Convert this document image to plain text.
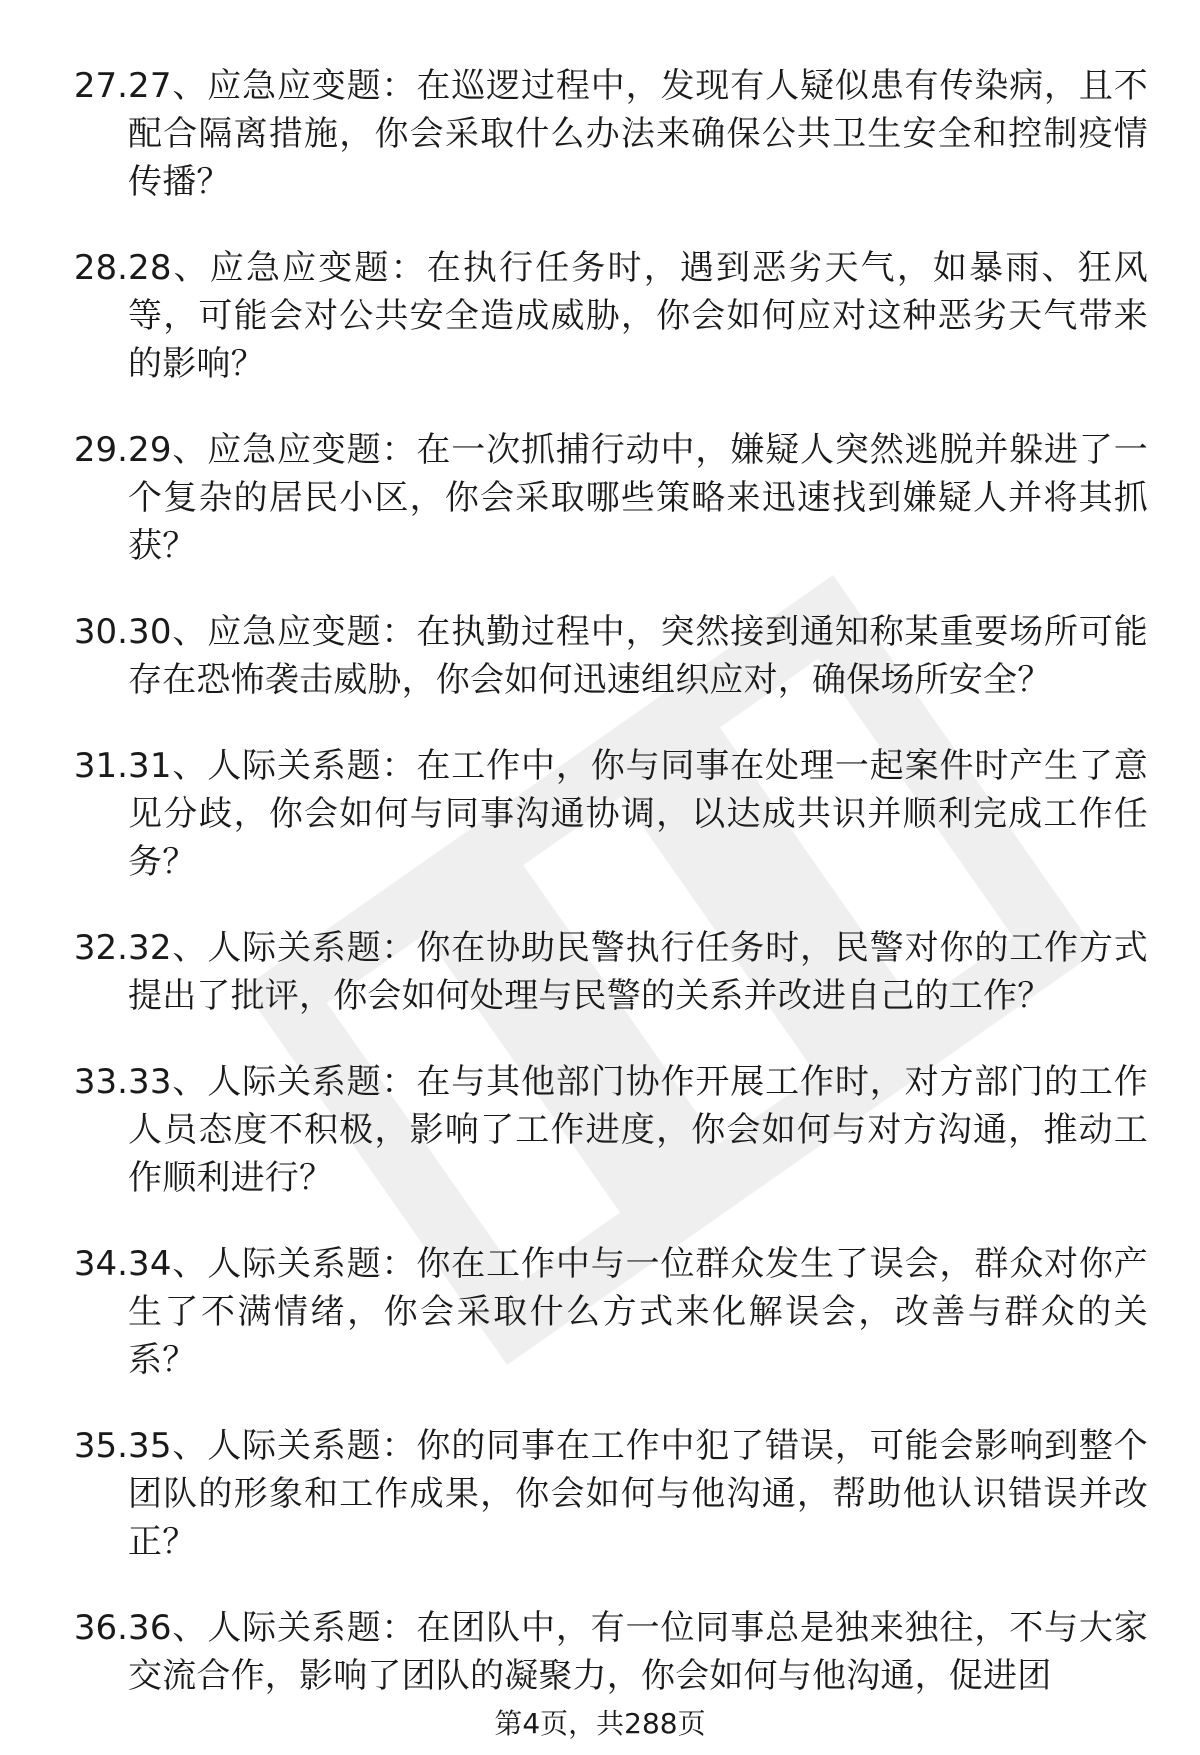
27. 27、应急应变题：在巡逻过程中，发现有人疑似患有传染病，且不配合隔离措施，你会采取什么办法来确保公共卫生安全和控制疫情传播？
28. 28、应急应变题：在执行任务时，遇到恶劣天气，如暴雨、狂风等，可能会对公共安全造成威胁，你会如何应对这种恶劣天气带来的影响？
29. 29、应急应变题：在一次抓捕行动中，嫌疑人突然逃脱并躲进了一个复杂的居民小区，你会采取哪些策略来迅速找到嫌疑人并将其抓获？
30. 30、应急应变题：在执勤过程中，突然接到通知称某重要场所可能存在恐怖袭击威胁，你会如何迅速组织应对，确保场所安全？
31. 31、人际关系题：在工作中，你与同事在处理一起案件时产生了意见分歧，你会如何与同事沟通协调，以达成共识并顺利完成工作任务？
32. 32、人际关系题：你在协助民警执行任务时，民警对你的工作方式提出了批评，你会如何处理与民警的关系并改进自己的工作？
33. 33、人际关系题：在与其他部门协作开展工作时，对方部门的工作人员态度不积极，影响了工作进度，你会如何与对方沟通，推动工作顺利进行？
34. 34、人际关系题：你在工作中与一位群众发生了误会，群众对你产生了不满情绪，你会采取什么方式来化解误会，改善与群众的关系？
35. 35、人际关系题：你的同事在工作中犯了错误，可能会影响到整个团队的形象和工作成果，你会如何与他沟通，帮助他认识错误并改正？
36. 36、人际关系题：在团队中，有一位同事总是独来独往，不与大家交流合作，影响了团队的凝聚力，你会如何与他沟通，促进团
第4页，共288页
